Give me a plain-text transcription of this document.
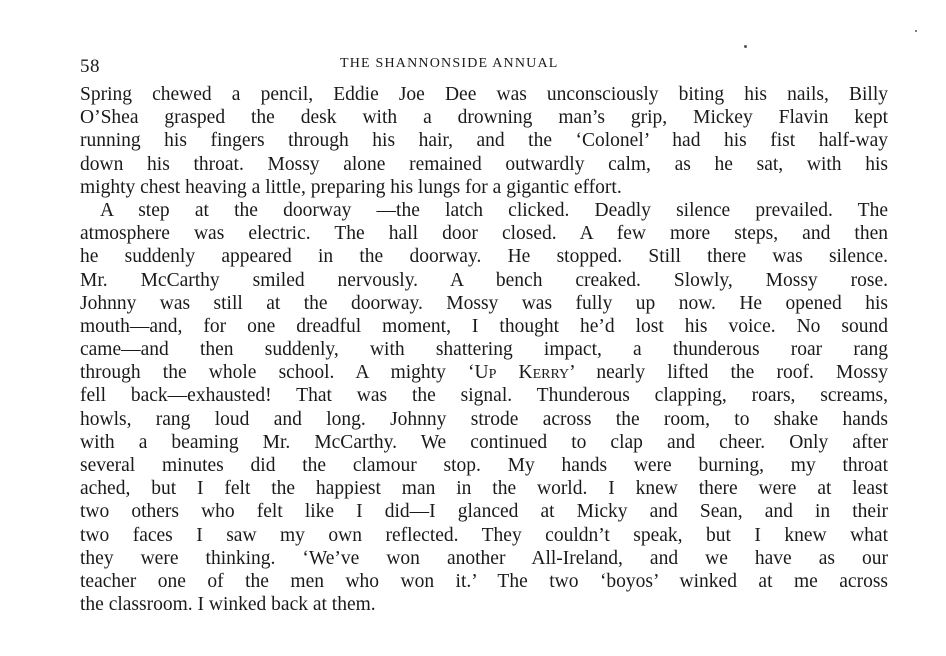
58	THE SHANNONSIDE ANNUAL
Spring chewed a pencil, Eddie Joe Dee was unconsciously biting his nails, Billy
O’Shea grasped the desk with a drowning man’s grip, Mickey Flavin kept
running his fingers through his hair, and the ‘Colonel’ had his fist half-way
down his throat. Mossy alone remained outwardly calm, as he sat, with his
mighty chest heaving a little, preparing his lungs for a gigantic effort.
A step at the doorway —the latch clicked. Deadly silence prevailed. The
atmosphere was electric. The hall door closed. A few more steps, and then
he suddenly appeared in the doorway. He stopped. Still there was silence.
Mr. McCarthy smiled nervously. A bench creaked. Slowly, Mossy rose.
Johnny was still at the doorway. Mossy was fully up now. He opened his
mouth—and, for one dreadful moment, I thought he’d lost his voice. No sound
came—and then suddenly, with shattering impact, a thunderous roar rang
through the whole school. A mighty ‘Up Kerry’ nearly lifted the roof. Mossy
fell back—exhausted! That was the signal. Thunderous clapping, roars, screams,
howls, rang loud and long. Johnny strode across the room, to shake hands
with a beaming Mr. McCarthy. We continued to clap and cheer. Only after
several minutes did the clamour stop. My hands were burning, my throat
ached, but I felt the happiest man in the world. I knew there were at least
two others who felt like I did—I glanced at Micky and Sean, and in their
two faces I saw my own reflected. They couldn’t speak, but I knew what
they were thinking. ‘We’ve won another All-Ireland, and we have as our
teacher one of the men who won it.’ The two ‘boyos’ winked at me across
the classroom. I winked back at them.
